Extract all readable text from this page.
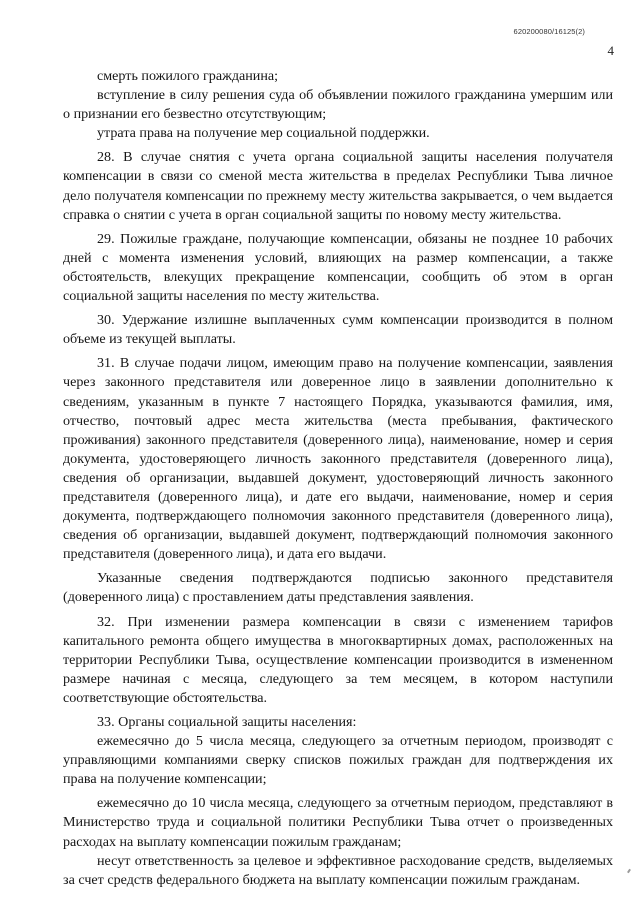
620200080/16125(2)
4

смерть пожилого гражданина;

вступление в силу решения суда об объявлении пожилого гражданина умершим или о признании его безвестно отсутствующим;

утрата права на получение мер социальной поддержки.

28. В случае снятия с учета органа социальной защиты населения получателя компенсации в связи со сменой места жительства в пределах Республики Тыва личное дело получателя компенсации по прежнему месту жительства закрывается, о чем выдается справка о снятии с учета в орган социальной защиты по новому месту жительства.

29. Пожилые граждане, получающие компенсации, обязаны не позднее 10 рабочих дней с момента изменения условий, влияющих на размер компенсации, а также обстоятельств, влекущих прекращение компенсации, сообщить об этом в орган социальной защиты населения по месту жительства.

30. Удержание излишне выплаченных сумм компенсации производится в полном объеме из текущей выплаты.

31. В случае подачи лицом, имеющим право на получение компенсации, заявления через законного представителя или доверенное лицо в заявлении дополнительно к сведениям, указанным в пункте 7 настоящего Порядка, указываются фамилия, имя, отчество, почтовый адрес места жительства (места пребывания, фактического проживания) законного представителя (доверенного лица), наименование, номер и серия документа, удостоверяющего личность законного представителя (доверенного лица), сведения об организации, выдавшей документ, удостоверяющий личность законного представителя (доверенного лица), и дате его выдачи, наименование, номер и серия документа, подтверждающего полномочия законного представителя (доверенного лица), сведения об организации, выдавшей документ, подтверждающий полномочия законного представителя (доверенного лица), и дата его выдачи.

Указанные сведения подтверждаются подписью законного представителя (доверенного лица) с проставлением даты представления заявления.

32. При изменении размера компенсации в связи с изменением тарифов капитального ремонта общего имущества в многоквартирных домах, расположенных на территории Республики Тыва, осуществление компенсации производится в измененном размере начиная с месяца, следующего за тем месяцем, в котором наступили соответствующие обстоятельства.

33. Органы социальной защиты населения:

ежемесячно до 5 числа месяца, следующего за отчетным периодом, производят с управляющими компаниями сверку списков пожилых граждан для подтверждения их права на получение компенсации;

ежемесячно до 10 числа месяца, следующего за отчетным периодом, представляют в Министерство труда и социальной политики Республики Тыва отчет о произведенных расходах на выплату компенсации пожилым гражданам;

несут ответственность за целевое и эффективное расходование средств, выделяемых за счет средств федерального бюджета на выплату компенсации пожилым гражданам.
